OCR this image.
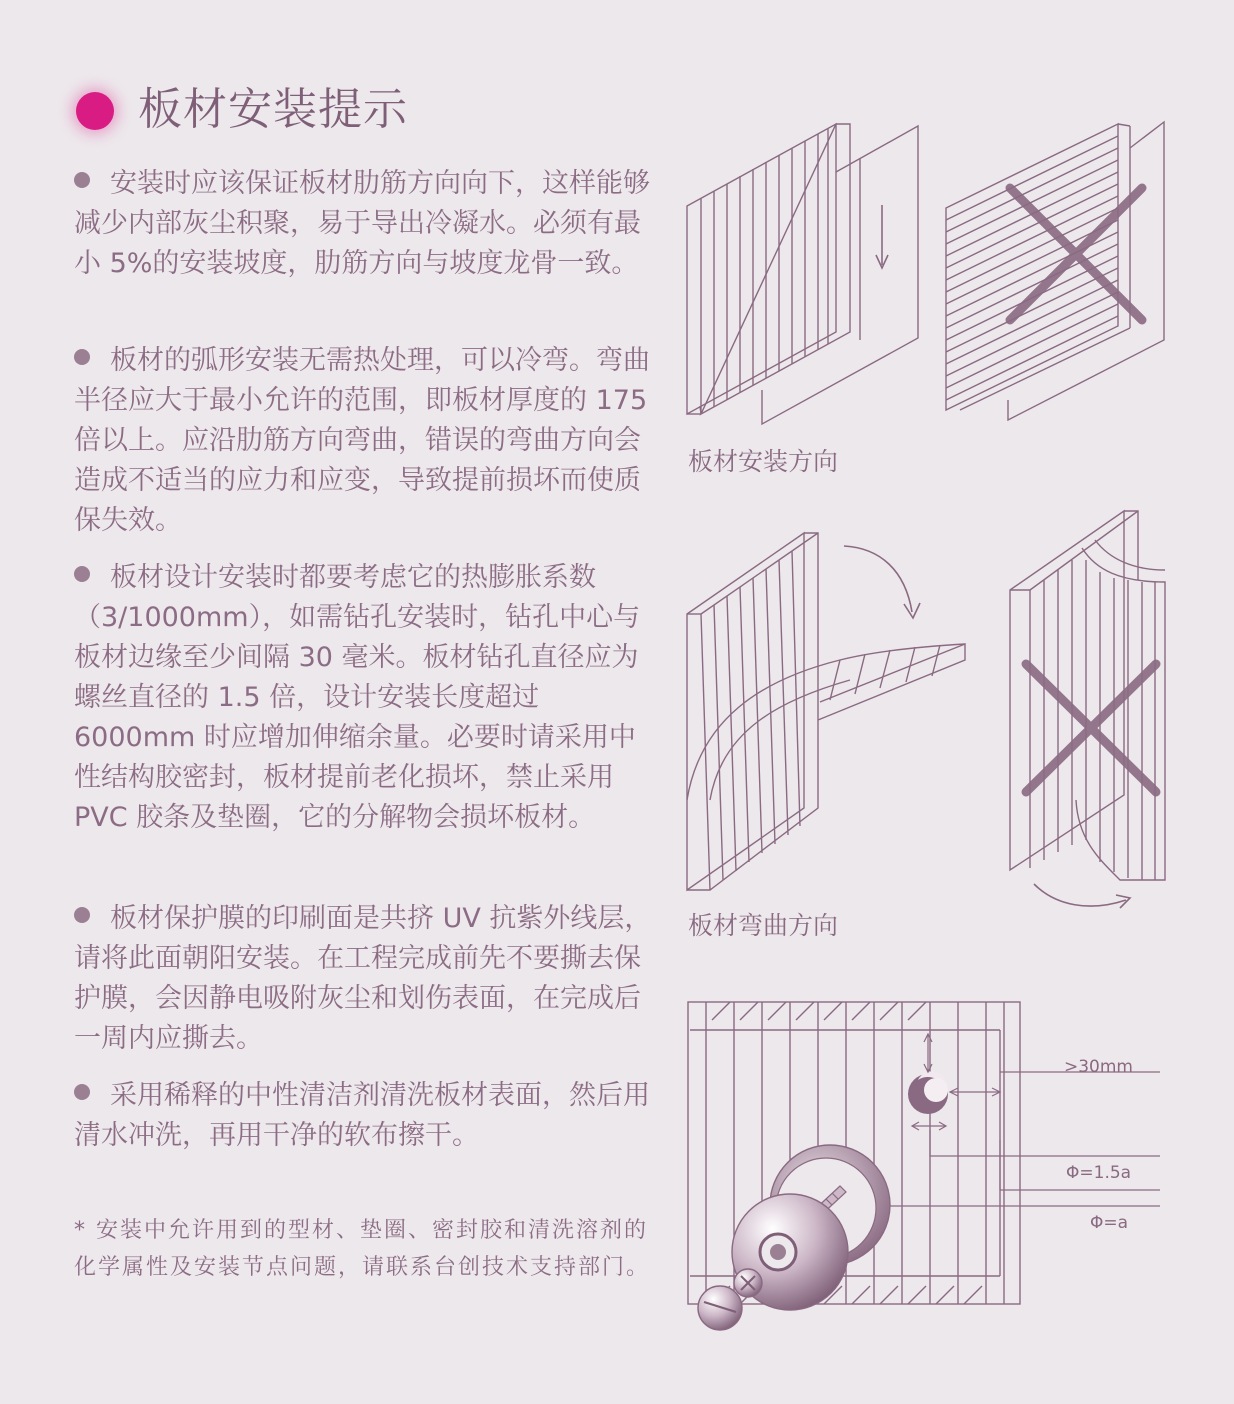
板材安装提示
安装时应该保证板材肋筋方向向下，这样能够减少内部灰尘积聚，易于导出冷凝水。必须有最小 5%的安装坡度，肋筋方向与坡度龙骨一致。
板材的弧形安装无需热处理，可以冷弯。弯曲半径应大于最小允许的范围，即板材厚度的 175 倍以上。应沿肋筋方向弯曲，错误的弯曲方向会造成不适当的应力和应变，导致提前损坏而使质保失效。
板材设计安装时都要考虑它的热膨胀系数（3/1000mm），如需钻孔安装时，钻孔中心与板材边缘至少间隔 30 毫米。板材钻孔直径应为螺丝直径的 1.5 倍，设计安装长度超过 6000mm 时应增加伸缩余量。必要时请采用中性结构胶密封，板材提前老化损坏，禁止采用 PVC 胶条及垫圈，它的分解物会损坏板材。
板材保护膜的印刷面是共挤 UV 抗紫外线层，请将此面朝阳安装。在工程完成前先不要撕去保护膜，会因静电吸附灰尘和划伤表面，在完成后一周内应撕去。
采用稀释的中性清洁剂清洗板材表面，然后用清水冲洗，再用干净的软布擦干。
* 安装中允许用到的型材、垫圈、密封胶和清洗溶剂的化学属性及安装节点问题，请联系台创技术支持部门。
板材安装方向
板材弯曲方向
>30mm
Φ=1.5a
Φ=a
